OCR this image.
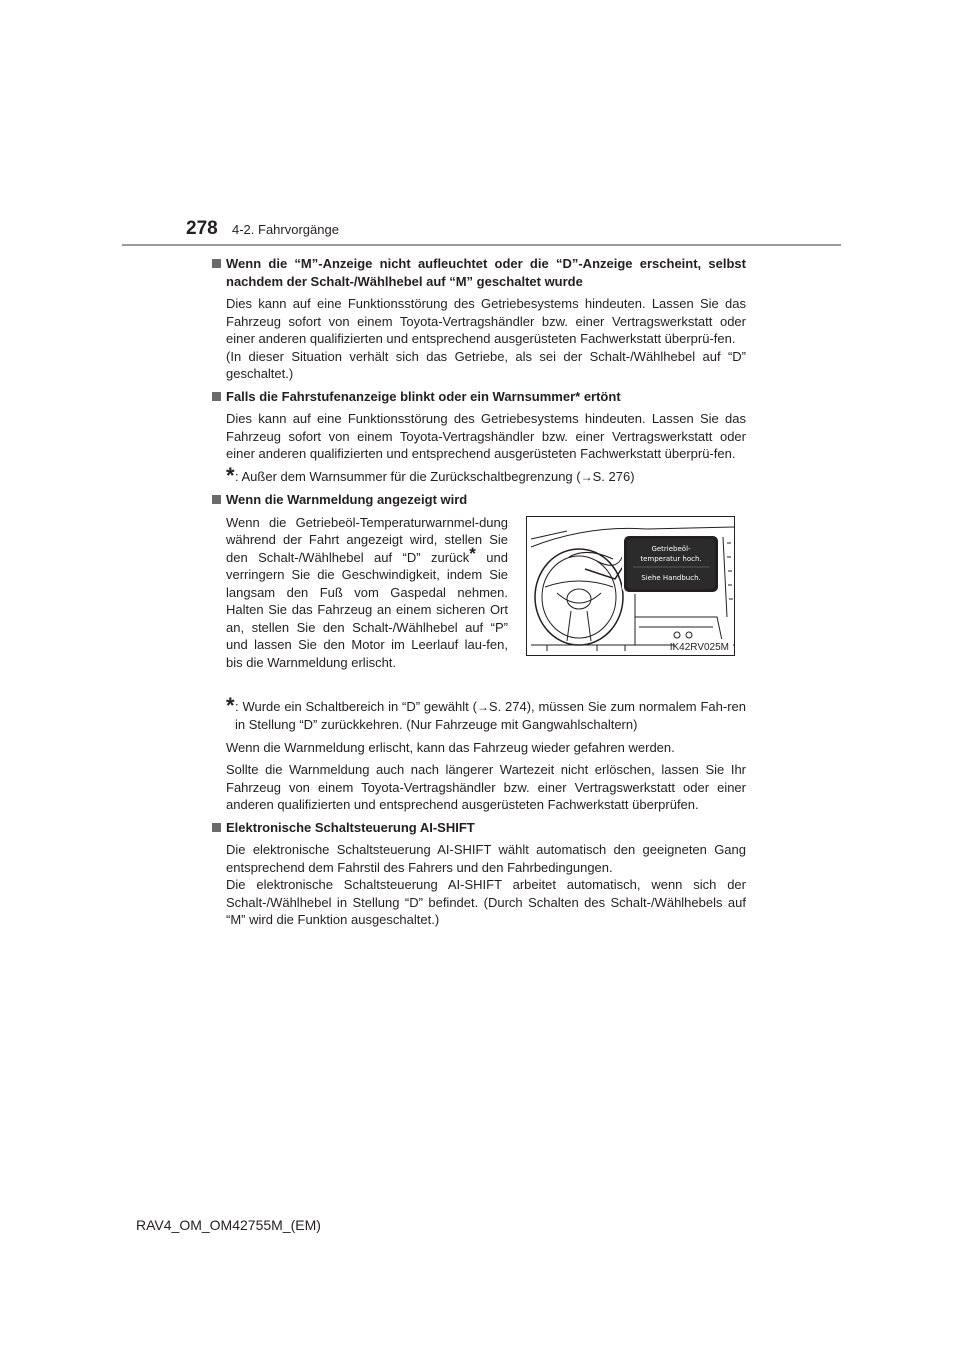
278 4-2. Fahrvorgänge
Wenn die “M”-Anzeige nicht aufleuchtet oder die “D”-Anzeige erscheint, selbst nachdem der Schalt-/Wählhebel auf “M” geschaltet wurde
Dies kann auf eine Funktionsstörung des Getriebesystems hindeuten. Lassen Sie das Fahrzeug sofort von einem Toyota-Vertragshändler bzw. einer Vertragswerkstatt oder einer anderen qualifizierten und entsprechend ausgerüsteten Fachwerkstatt überprü-fen.
(In dieser Situation verhält sich das Getriebe, als sei der Schalt-/Wählhebel auf “D” geschaltet.)
Falls die Fahrstufenanzeige blinkt oder ein Warnsummer* ertönt
Dies kann auf eine Funktionsstörung des Getriebesystems hindeuten. Lassen Sie das Fahrzeug sofort von einem Toyota-Vertragshändler bzw. einer Vertragswerkstatt oder einer anderen qualifizierten und entsprechend ausgerüsteten Fachwerkstatt überprü-fen.
* : Außer dem Warnsummer für die Zurückschaltbegrenzung (→S. 276)
Wenn die Warnmeldung angezeigt wird
Wenn die Getriebeöl-Temperaturwarnmel-dung während der Fahrt angezeigt wird, stellen Sie den Schalt-/Wählhebel auf “D” zurück* und verringern Sie die Geschwindigkeit, indem Sie langsam den Fuß vom Gaspedal nehmen. Halten Sie das Fahrzeug an einem sicheren Ort an, stellen Sie den Schalt-/Wählhebel auf “P” und lassen Sie den Motor im Leerlauf lau-fen, bis die Warnmeldung erlischt.
Getriebeöl-
temperatur hoch.
Siehe Handbuch.
IK42RV025M
* : Wurde ein Schaltbereich in “D” gewählt (→S. 274), müssen Sie zum normalem Fah-ren in Stellung “D” zurückkehren. (Nur Fahrzeuge mit Gangwahlschaltern)
Wenn die Warnmeldung erlischt, kann das Fahrzeug wieder gefahren werden.
Sollte die Warnmeldung auch nach längerer Wartezeit nicht erlöschen, lassen Sie Ihr Fahrzeug von einem Toyota-Vertragshändler bzw. einer Vertragswerkstatt oder einer anderen qualifizierten und entsprechend ausgerüsteten Fachwerkstatt überprüfen.
Elektronische Schaltsteuerung AI-SHIFT
Die elektronische Schaltsteuerung AI-SHIFT wählt automatisch den geeigneten Gang entsprechend dem Fahrstil des Fahrers und den Fahrbedingungen.
Die elektronische Schaltsteuerung AI-SHIFT arbeitet automatisch, wenn sich der Schalt-/Wählhebel in Stellung “D” befindet. (Durch Schalten des Schalt-/Wählhebels auf “M” wird die Funktion ausgeschaltet.)
RAV4_OM_OM42755M_(EM)
